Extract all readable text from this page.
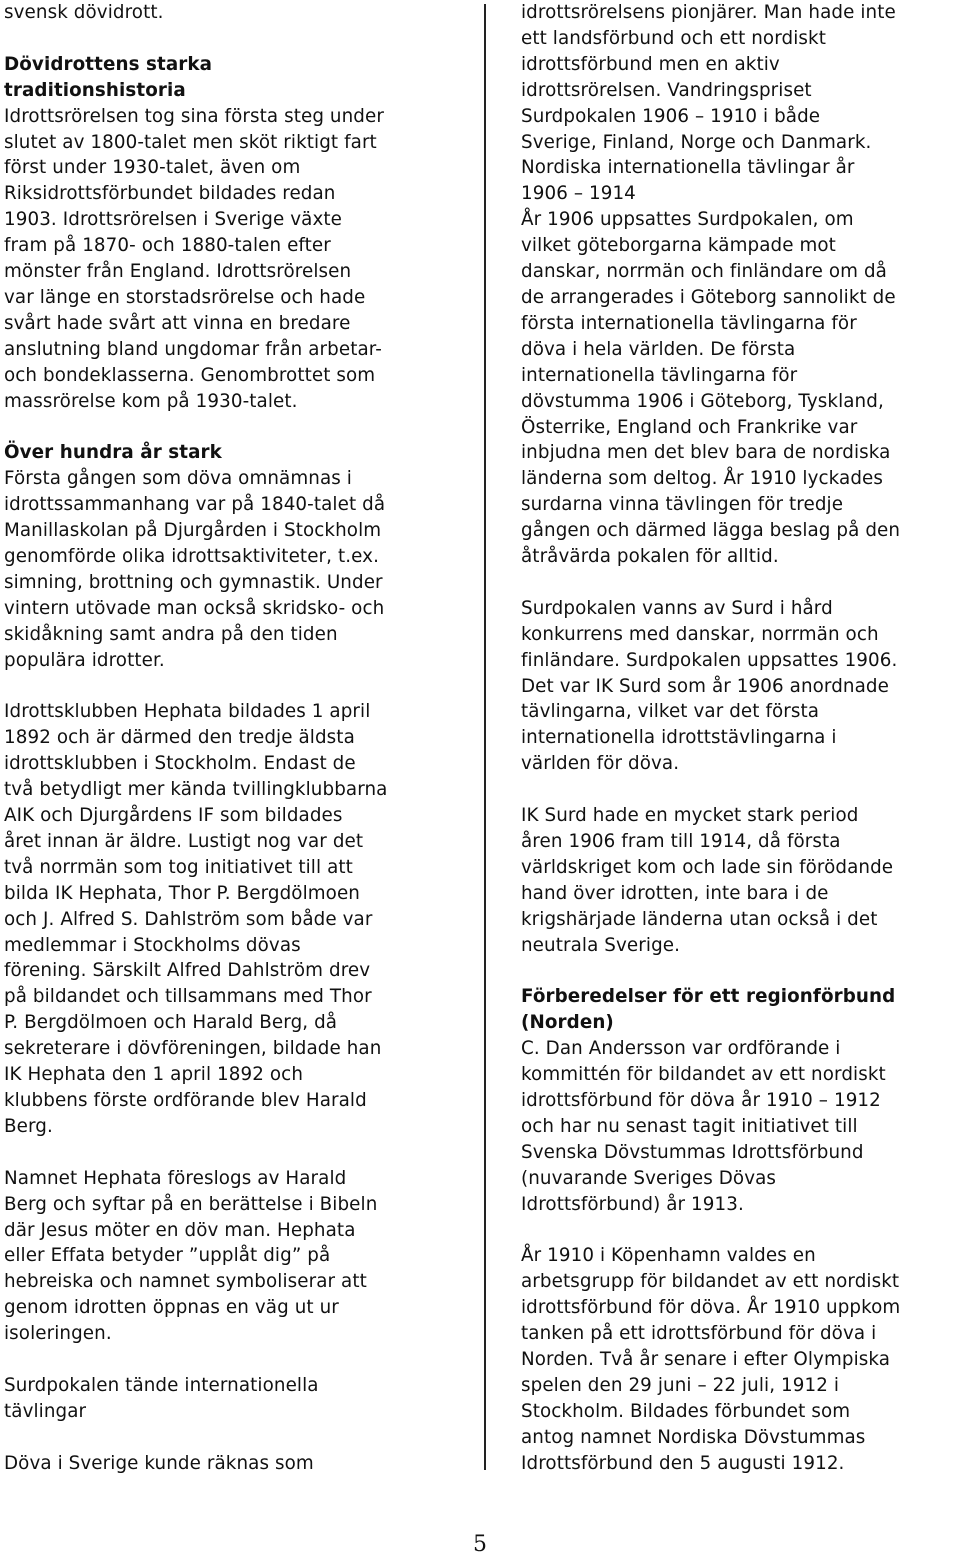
svensk dövidrott.
Dövidrottens starka
traditionshistoria
Idrottsrörelsen tog sina första steg under
slutet av 1800-talet men sköt riktigt fart
först under 1930-talet, även om
Riksidrottsförbundet bildades redan
1903. Idrottsrörelsen i Sverige växte
fram på 1870- och 1880-talen efter
mönster från England. Idrottsrörelsen
var länge en storstadsrörelse och hade
svårt hade svårt att vinna en bredare
anslutning bland ungdomar från arbetar-
och bondeklasserna. Genombrottet som
massrörelse kom på 1930-talet.
Över hundra år stark
Första gången som döva omnämnas i
idrottssammanhang var på 1840-talet då
Manillaskolan på Djurgården i Stockholm
genomförde olika idrottsaktiviteter, t.ex.
simning, brottning och gymnastik. Under
vintern utövade man också skridsko- och
skidåkning samt andra på den tiden
populära idrotter.
Idrottsklubben Hephata bildades 1 april
1892 och är därmed den tredje äldsta
idrottsklubben i Stockholm. Endast de
två betydligt mer kända tvillingklubbarna
AIK och Djurgårdens IF som bildades
året innan är äldre. Lustigt nog var det
två norrmän som tog initiativet till att
bilda IK Hephata, Thor P. Bergdölmoen
och J. Alfred S. Dahlström som både var
medlemmar i Stockholms dövas
förening. Särskilt Alfred Dahlström drev
på bildandet och tillsammans med Thor
P. Bergdölmoen och Harald Berg, då
sekreterare i dövföreningen, bildade han
IK Hephata den 1 april 1892 och
klubbens förste ordförande blev Harald
Berg.
Namnet Hephata föreslogs av Harald
Berg och syftar på en berättelse i Bibeln
där Jesus möter en döv man. Hephata
eller Effata betyder ”upplåt dig” på
hebreiska och namnet symboliserar att
genom idrotten öppnas en väg ut ur
isoleringen.
Surdpokalen tände internationella
tävlingar
Döva i Sverige kunde räknas som
idrottsrörelsens pionjärer. Man hade inte
ett landsförbund och ett nordiskt
idrottsförbund men en aktiv
idrottsrörelsen. Vandringspriset
Surdpokalen 1906 – 1910 i både
Sverige, Finland, Norge och Danmark.
Nordiska internationella tävlingar år
1906 – 1914
År 1906 uppsattes Surdpokalen, om
vilket göteborgarna kämpade mot
danskar, norrmän och finländare om då
de arrangerades i Göteborg sannolikt de
första internationella tävlingarna för
döva i hela världen. De första
internationella tävlingarna för
dövstumma 1906 i Göteborg, Tyskland,
Österrike, England och Frankrike var
inbjudna men det blev bara de nordiska
länderna som deltog. År 1910 lyckades
surdarna vinna tävlingen för tredje
gången och därmed lägga beslag på den
åtråvärda pokalen för alltid.
Surdpokalen vanns av Surd i hård
konkurrens med danskar, norrmän och
finländare. Surdpokalen uppsattes 1906.
Det var IK Surd som år 1906 anordnade
tävlingarna, vilket var det första
internationella idrottstävlingarna i
världen för döva.
IK Surd hade en mycket stark period
åren 1906 fram till 1914, då första
världskriget kom och lade sin förödande
hand över idrotten, inte bara i de
krigshärjade länderna utan också i det
neutrala Sverige.
Förberedelser för ett regionförbund
(Norden)
C. Dan Andersson var ordförande i
kommittén för bildandet av ett nordiskt
idrottsförbund för döva år 1910 – 1912
och har nu senast tagit initiativet till
Svenska Dövstummas Idrottsförbund
(nuvarande Sveriges Dövas
Idrottsförbund) år 1913.
År 1910 i Köpenhamn valdes en
arbetsgrupp för bildandet av ett nordiskt
idrottsförbund för döva. År 1910 uppkom
tanken på ett idrottsförbund för döva i
Norden. Två år senare i efter Olympiska
spelen den 29 juni – 22 juli, 1912 i
Stockholm. Bildades förbundet som
antog namnet Nordiska Dövstummas
Idrottsförbund den 5 augusti 1912.
5
